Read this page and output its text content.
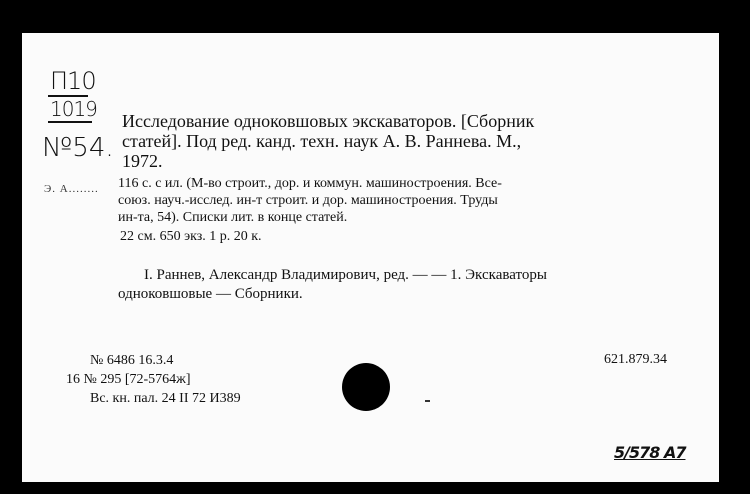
П10
1019
№54.
Э. А........
Исследование одноковшовых экскаваторов. [Сборник
статей]. Под ред. канд. техн. наук А. В. Раннева. М.,
1972.
116 с. с ил. (М-во строит., дор. и коммун. машиностроения. Все-
союз. науч.-исслед. ин-т строит. и дор. машиностроения. Труды
ин-та, 54). Списки лит. в конце статей.
22 см. 650 экз. 1 р. 20 к.
I. Раннев, Александр Владимирович, ред. — — 1. Экскаваторы
одноковшовые — Сборники.
№ 6486 16.3.4
16 № 295 [72-5764ж]
Вс. кн. пал. 24 II 72 И389
621.879.34
5/578 А7
